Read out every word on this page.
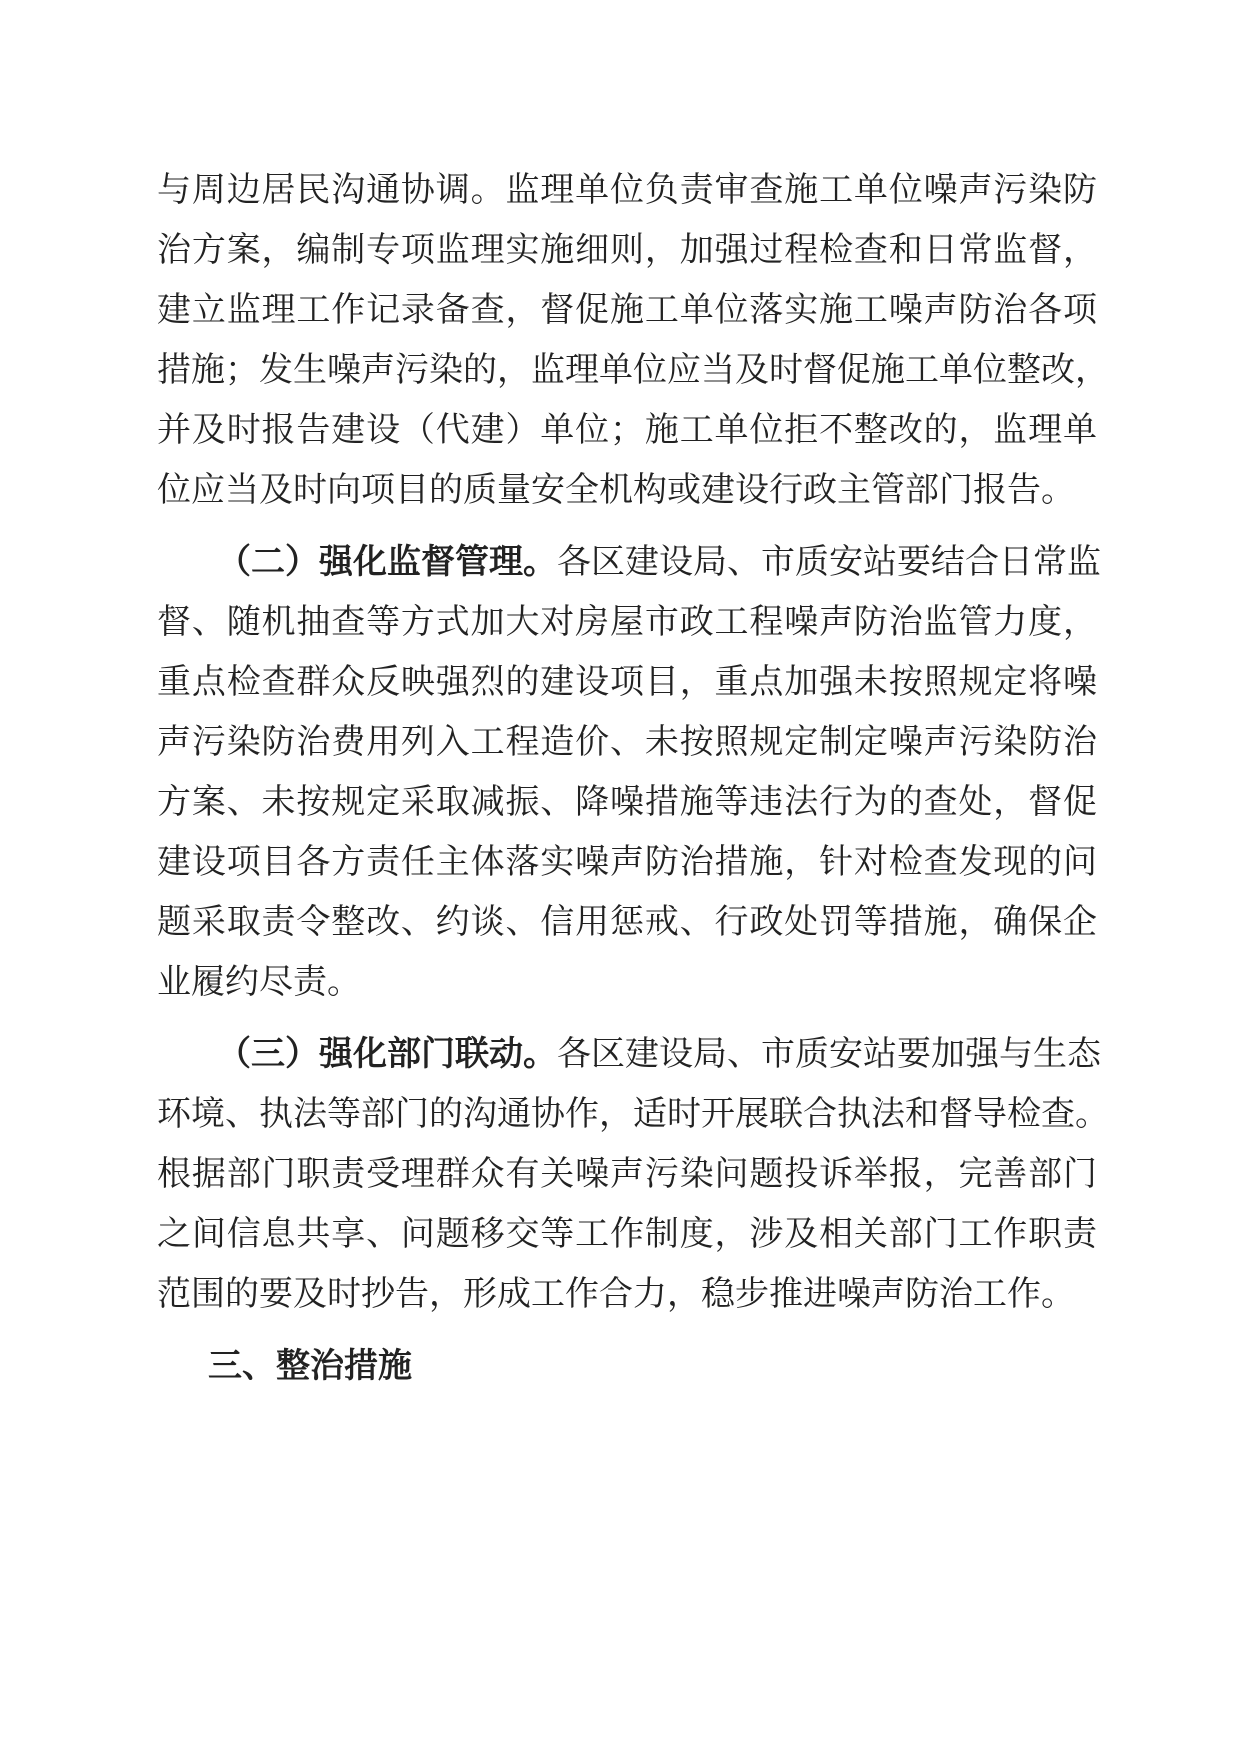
与周边居民沟通协调。监理单位负责审查施工单位噪声污染防
治方案，编制专项监理实施细则，加强过程检查和日常监督，
建立监理工作记录备查，督促施工单位落实施工噪声防治各项
措施；发生噪声污染的，监理单位应当及时督促施工单位整改，
并及时报告建设（代建）单位；施工单位拒不整改的，监理单
位应当及时向项目的质量安全机构或建设行政主管部门报告。
（二）强化监督管理。各区建设局、市质安站要结合日常监
督、随机抽查等方式加大对房屋市政工程噪声防治监管力度，
重点检查群众反映强烈的建设项目，重点加强未按照规定将噪
声污染防治费用列入工程造价、未按照规定制定噪声污染防治
方案、未按规定采取减振、降噪措施等违法行为的查处，督促
建设项目各方责任主体落实噪声防治措施，针对检查发现的问
题采取责令整改、约谈、信用惩戒、行政处罚等措施，确保企
业履约尽责。
（三）强化部门联动。各区建设局、市质安站要加强与生态
环境、执法等部门的沟通协作，适时开展联合执法和督导检查。
根据部门职责受理群众有关噪声污染问题投诉举报，完善部门
之间信息共享、问题移交等工作制度，涉及相关部门工作职责
范围的要及时抄告，形成工作合力，稳步推进噪声防治工作。
三、整治措施
